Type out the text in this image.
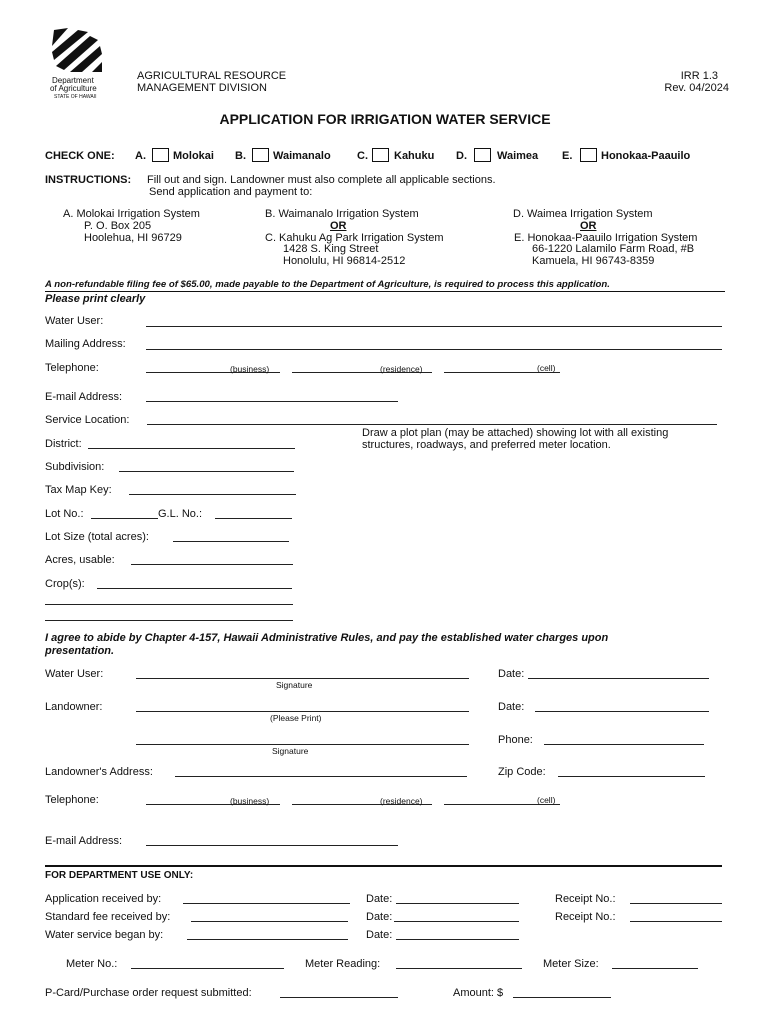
Department
of Agriculture
STATE OF HAWAII
AGRICULTURAL RESOURCE
MANAGEMENT DIVISION
IRR 1.3
Rev. 04/2024
APPLICATION FOR IRRIGATION WATER SERVICE
CHECK ONE: A. Molokai B. Waimanalo C. Kahuku D.	Waimea E.	Honokaa-Paauilo
INSTRUCTIONS: Fill out and sign. Landowner must also complete all applicable sections.
Send application and payment to:
A. Molokai Irrigation System
P. O. Box 205
Hoolehua, HI 96729
B. Waimanalo Irrigation System
OR
C. Kahuku Ag Park Irrigation System
1428 S. King Street
Honolulu, HI 96814-2512
D. Waimea Irrigation System
OR
E. Honokaa-Paauilo Irrigation System
66-1220 Lalamilo Farm Road, #B
Kamuela, HI 96743-8359
A non-refundable filing fee of $65.00, made payable to the Department of Agriculture, is required to process this application.
Please print clearly
Water User:
Mailing Address:
Telephone:	(business)	(residence)	(cell)
E-mail Address:
Service Location:
Draw a plot plan (may be attached) showing lot with all existing
structures, roadways, and preferred meter location.
District:
Subdivision:
Tax Map Key:
Lot No.:	G.L. No.:
Lot Size (total acres):
Acres, usable:
Crop(s):
I agree to abide by Chapter 4-157, Hawaii Administrative Rules, and pay the established water charges upon
presentation.
Water User:
Signature
Date:
Landowner:
(Please Print)
Date:
Signature
Phone:
Landowner's Address:	Zip Code:
Telephone:	(business)	(residence)	(cell)
E-mail Address:
FOR DEPARTMENT USE ONLY:
Application received by:	Date:	Receipt No.:
Standard fee received by:	Date:	Receipt No.:
Water service began by:	Date:
Meter No.:	Meter Reading:	Meter Size:
P-Card/Purchase order request submitted:	Amount: $
